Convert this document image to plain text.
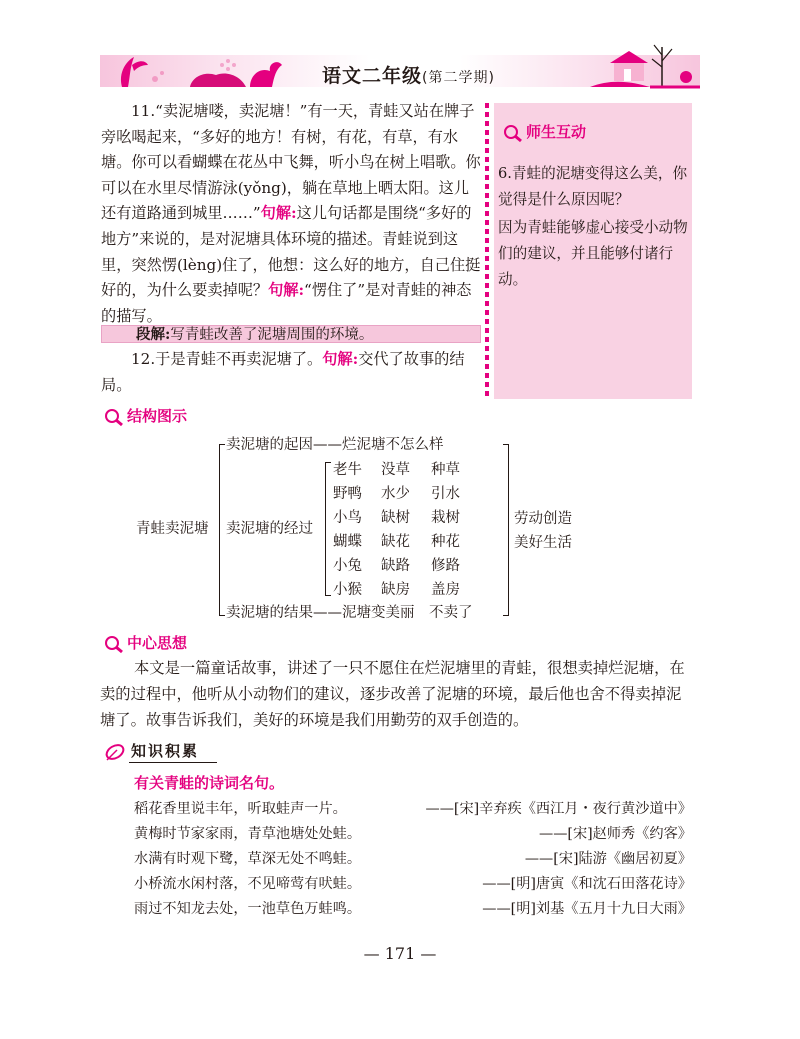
语文二年级(第二学期)

11.“卖泥塘喽，卖泥塘！”有一天，青蛙又站在牌子旁吆喝起来，“多好的地方！有树，有花，有草，有水塘。你可以看蝴蝶在花丛中飞舞，听小鸟在树上唱歌。你可以在水里尽情游泳(yǒng)，躺在草地上晒太阳。这儿还有道路通到城里……”句解:这儿句话都是围绕“多好的地方”来说的，是对泥塘具体环境的描述。青蛙说到这里，突然愣(lèng)住了，他想：这么好的地方，自己住挺好的，为什么要卖掉呢？句解:“愣住了”是对青蛙的神态的描写。

段解:写青蛙改善了泥塘周围的环境。

12.于是青蛙不再卖泥塘了。句解:交代了故事的结局。

师生互动
6.青蛙的泥塘变得这么美，你觉得是什么原因呢？
因为青蛙能够虚心接受小动物们的建议，并且能够付诸行动。
结构图示
青蛙卖泥塘
卖泥塘的起因——烂泥塘不怎么样
卖泥塘的经过
卖泥塘的结果——泥塘变美丽　不卖了
老牛 没草 种草
野鸭 水少 引水
小鸟 缺树 栽树
蝴蝶 缺花 种花
小兔 缺路 修路
小猴 缺房 盖房
劳动创造
美好生活
中心思想
本文是一篇童话故事，讲述了一只不愿住在烂泥塘里的青蛙，很想卖掉烂泥塘，在卖的过程中，他听从小动物们的建议，逐步改善了泥塘的环境，最后他也舍不得卖掉泥塘了。故事告诉我们，美好的环境是我们用勤劳的双手创造的。
知识积累
有关青蛙的诗词名句。
稻花香里说丰年，听取蛙声一片。	——[宋]辛弃疾《西江月・夜行黄沙道中》
黄梅时节家家雨，青草池塘处处蛙。	——[宋]赵师秀《约客》
水满有时观下鹭，草深无处不鸣蛙。	——[宋]陆游《幽居初夏》
小桥流水闲村落，不见啼莺有吠蛙。	——[明]唐寅《和沈石田落花诗》
雨过不知龙去处，一池草色万蛙鸣。	——[明]刘基《五月十九日大雨》
— 171 —
